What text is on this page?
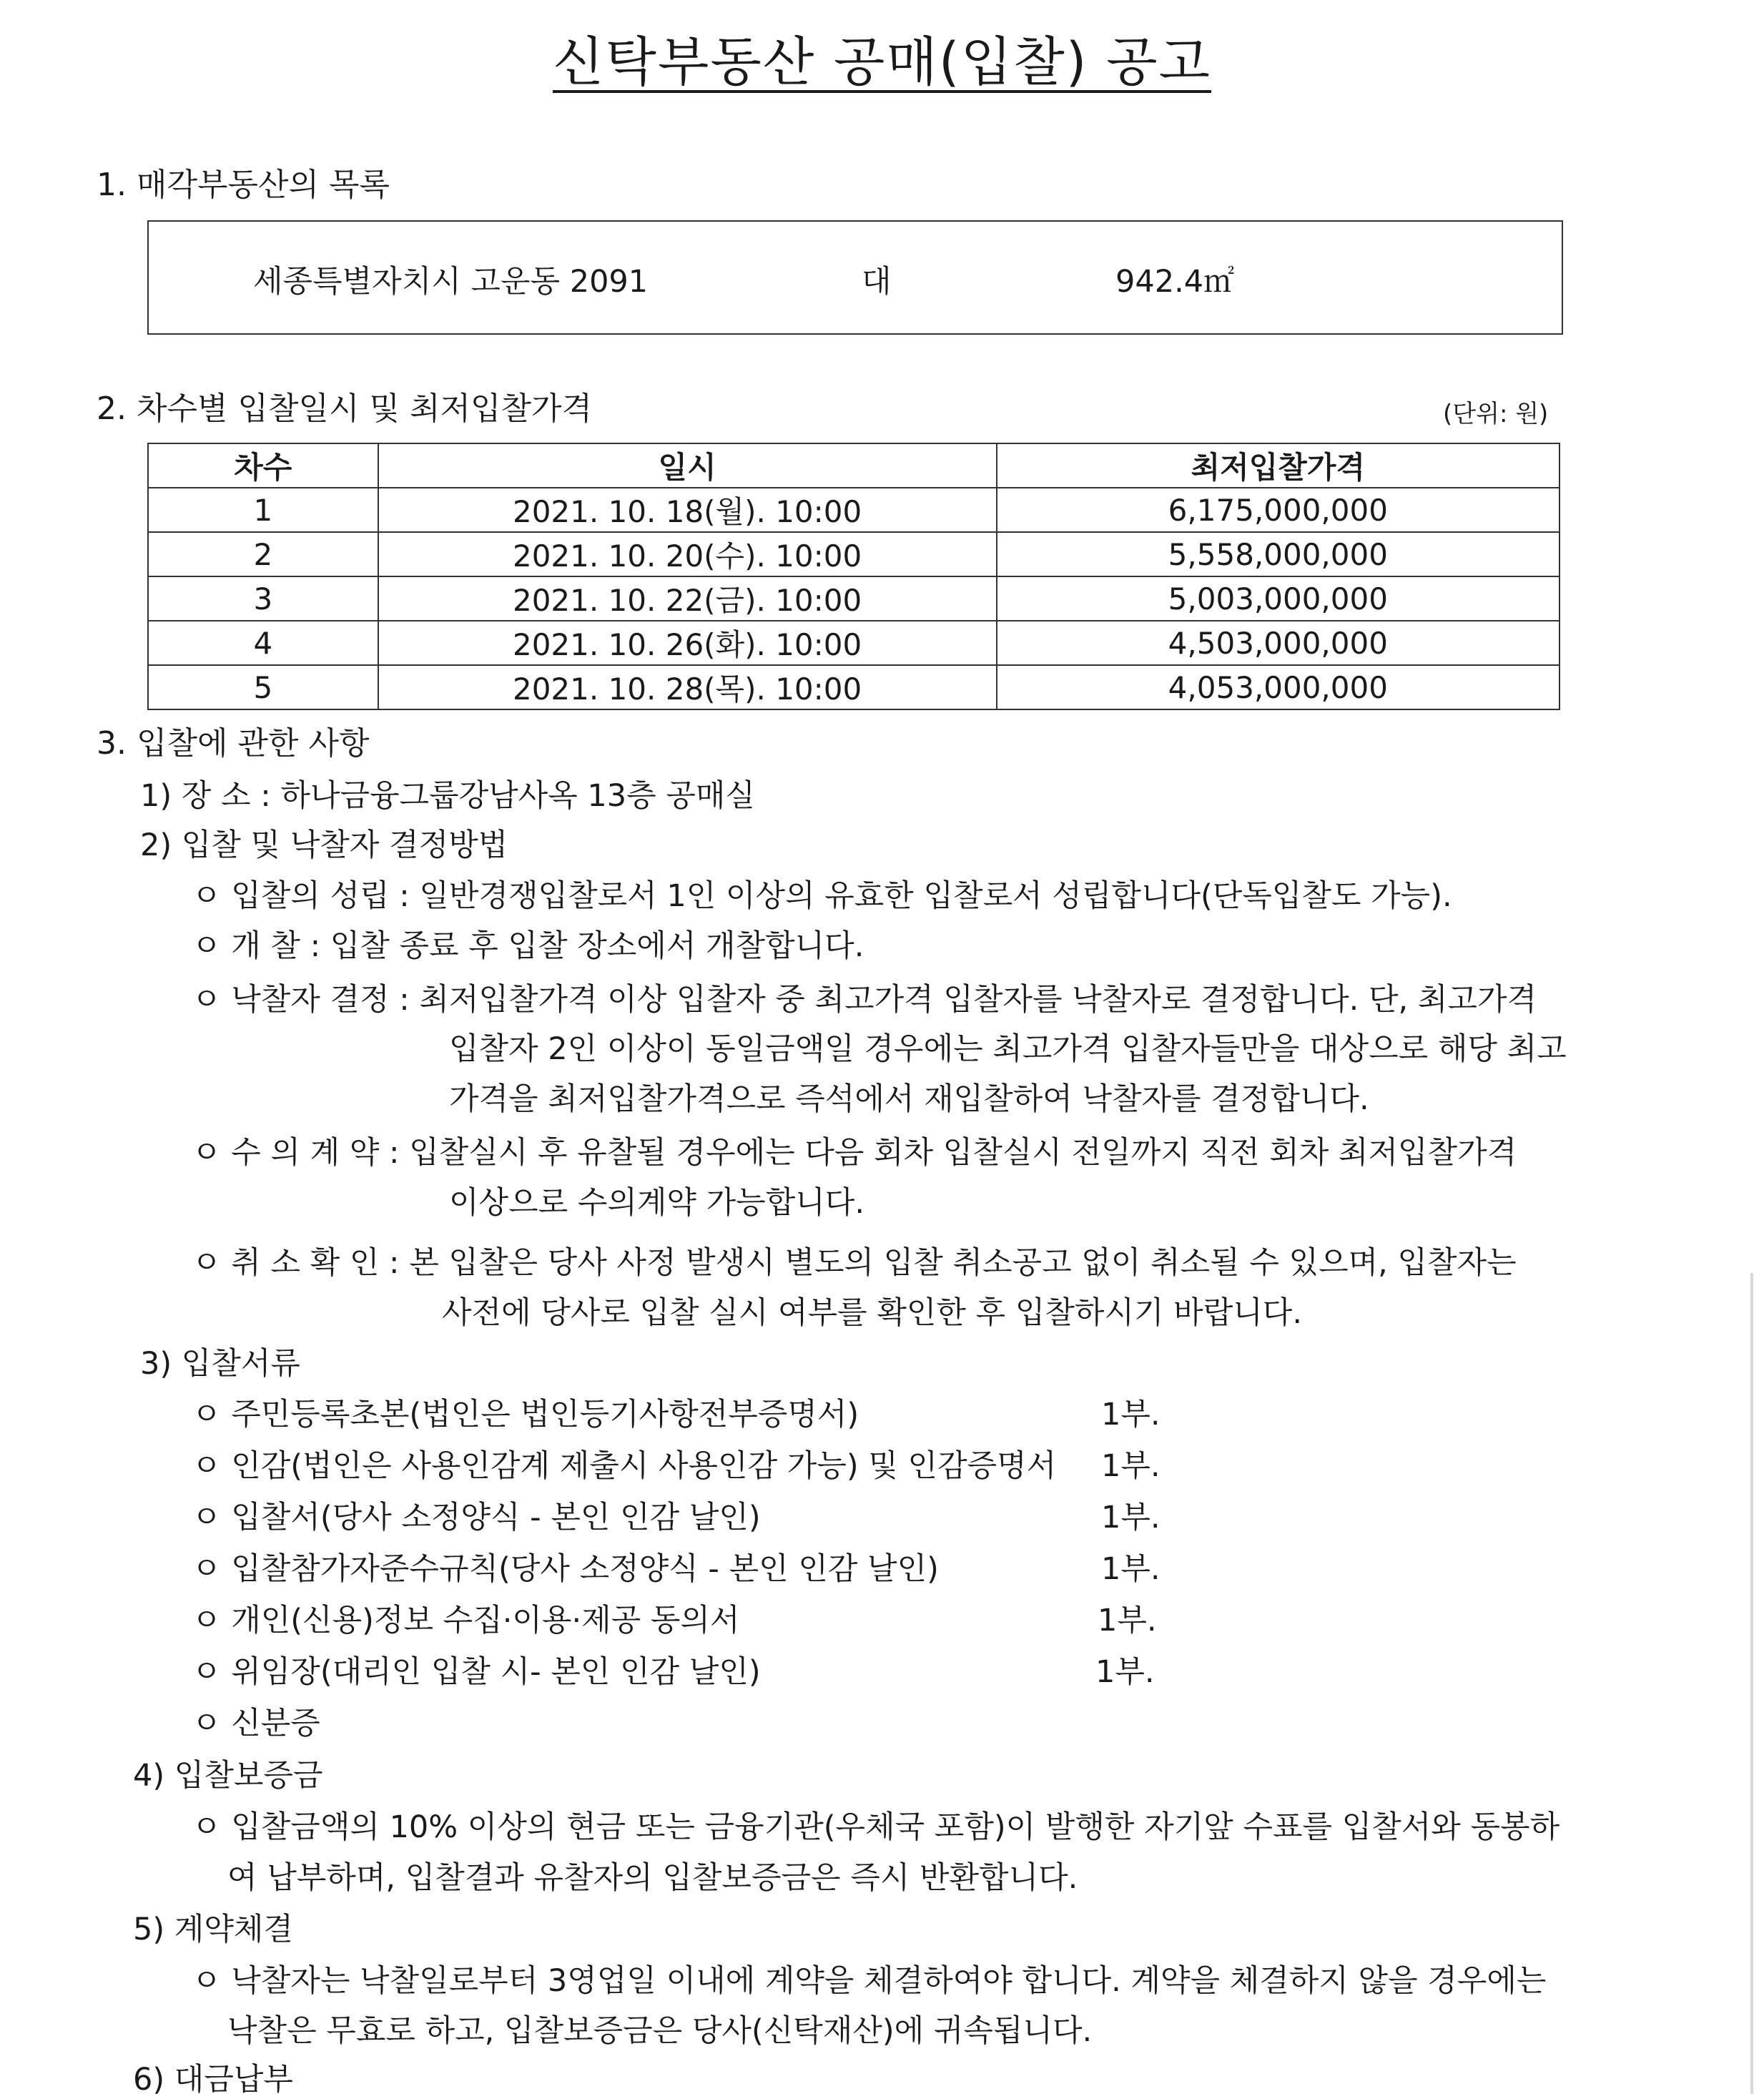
신탁부동산 공매(입찰) 공고
1. 매각부동산의 목록
세종특별자치시 고운동 2091	대	942.4㎡
2. 차수별 입찰일시 및 최저입찰가격	(단위: 원)
차수	일시	최저입찰가격
1	2021. 10. 18(월). 10:00	6,175,000,000
2	2021. 10. 20(수). 10:00	5,558,000,000
3	2021. 10. 22(금). 10:00	5,003,000,000
4	2021. 10. 26(화). 10:00	4,503,000,000
5	2021. 10. 28(목). 10:00	4,053,000,000
3. 입찰에 관한 사항
1) 장 소 : 하나금융그룹강남사옥 13층 공매실
2) 입찰 및 낙찰자 결정방법
ㅇ 입찰의 성립 : 일반경쟁입찰로서 1인 이상의 유효한 입찰로서 성립합니다(단독입찰도 가능).
ㅇ 개 찰 : 입찰 종료 후 입찰 장소에서 개찰합니다.
ㅇ 낙찰자 결정 : 최저입찰가격 이상 입찰자 중 최고가격 입찰자를 낙찰자로 결정합니다. 단, 최고가격
입찰자 2인 이상이 동일금액일 경우에는 최고가격 입찰자들만을 대상으로 해당 최고
가격을 최저입찰가격으로 즉석에서 재입찰하여 낙찰자를 결정합니다.
ㅇ 수 의 계 약 : 입찰실시 후 유찰될 경우에는 다음 회차 입찰실시 전일까지 직전 회차 최저입찰가격
이상으로 수의계약 가능합니다.
ㅇ 취 소 확 인 : 본 입찰은 당사 사정 발생시 별도의 입찰 취소공고 없이 취소될 수 있으며, 입찰자는
사전에 당사로 입찰 실시 여부를 확인한 후 입찰하시기 바랍니다.
3) 입찰서류
ㅇ 주민등록초본(법인은 법인등기사항전부증명서)	1부.
ㅇ 인감(법인은 사용인감계 제출시 사용인감 가능) 및 인감증명서 1부.
ㅇ 입찰서(당사 소정양식 - 본인 인감 날인)	1부.
ㅇ 입찰참가자준수규칙(당사 소정양식 - 본인 인감 날인)	1부.
ㅇ 개인(신용)정보 수집·이용·제공 동의서	1부.
ㅇ 위임장(대리인 입찰 시- 본인 인감 날인)	1부.
ㅇ 신분증
4) 입찰보증금
ㅇ 입찰금액의 10% 이상의 현금 또는 금융기관(우체국 포함)이 발행한 자기앞 수표를 입찰서와 동봉하
여 납부하며, 입찰결과 유찰자의 입찰보증금은 즉시 반환합니다.
5) 계약체결
ㅇ 낙찰자는 낙찰일로부터 3영업일 이내에 계약을 체결하여야 합니다. 계약을 체결하지 않을 경우에는
낙찰은 무효로 하고, 입찰보증금은 당사(신탁재산)에 귀속됩니다.
6) 대금납부
